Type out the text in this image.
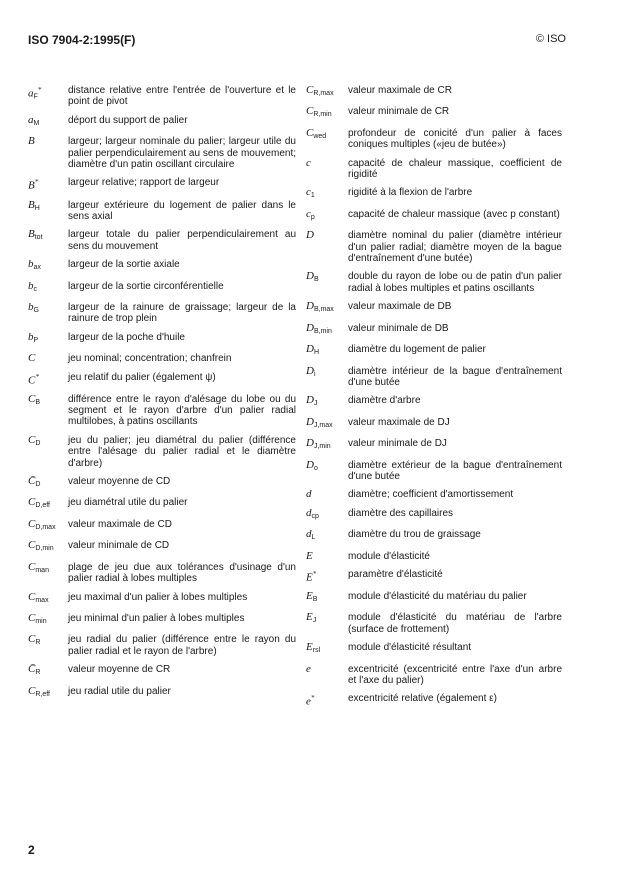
ISO 7904-2:1995(F)	© ISO
$a_F^*$	distance relative entre l'entrée de l'ouverture et le point de pivot
$a_M$	déport du support de palier
B	largeur; largeur nominale du palier; largeur utile du palier perpendiculairement au sens de mouvement; diamètre d'un patin oscillant circulaire
B*	largeur relative; rapport de largeur
$B_H$	largeur extérieure du logement de palier dans le sens axial
$B_{tot}$	largeur totale du palier perpendiculairement au sens du mouvement
$b_{ax}$	largeur de la sortie axiale
$b_c$	largeur de la sortie circonférentielle
$b_G$	largeur de la rainure de graissage; largeur de la rainure de trop plein
$b_P$	largeur de la poche d'huile
C	jeu nominal; concentration; chanfrein
C*	jeu relatif du palier (également ψ)
$C_B$	différence entre le rayon d'alésage du lobe ou du segment et le rayon d'arbre d'un palier radial multilobes, à patins oscillants
$C_D$	jeu du palier; jeu diamétral du palier (différence entre l'alésage du palier radial et le diamètre d'arbre)
$C̄_D$	valeur moyenne de CD
$C_{D,eff}$	jeu diamétral utile du palier
$C_{D,max}$	valeur maximale de CD
$C_{D,min}$	valeur minimale de CD
$C_{man}$	plage de jeu due aux tolérances d'usinage d'un palier radial à lobes multiples
$C_{max}$	jeu maximal d'un palier à lobes multiples
$C_{min}$	jeu minimal d'un palier à lobes multiples
$C_R$	jeu radial du palier (différence entre le rayon du palier radial et le rayon de l'arbre)
$C̄_R$	valeur moyenne de CR
$C_{R,eff}$	jeu radial utile du palier
$C_{R,max}$	valeur maximale de CR
$C_{R,min}$	valeur minimale de CR
$C_{wed}$	profondeur de conicité d'un palier à faces coniques multiples («jeu de butée»)
c	capacité de chaleur massique, coefficient de rigidité
$c_1$	rigidité à la flexion de l'arbre
$c_p$	capacité de chaleur massique (avec p constant)
D	diamètre nominal du palier (diamètre intérieur d'un palier radial; diamètre moyen de la bague d'entraînement d'une butée)
$D_B$	double du rayon de lobe ou de patin d'un palier radial à lobes multiples et patins oscillants
$D_{B,max}$	valeur maximale de DB
$D_{B,min}$	valeur minimale de DB
$D_H$	diamètre du logement de palier
$D_i$	diamètre intérieur de la bague d'entraînement d'une butée
$D_J$	diamètre d'arbre
$D_{J,max}$	valeur maximale de DJ
$D_{J,min}$	valeur minimale de DJ
$D_o$	diamètre extérieur de la bague d'entraînement d'une butée
d	diamètre; coefficient d'amortissement
$d_{cp}$	diamètre des capillaires
$d_L$	diamètre du trou de graissage
E	module d'élasticité
E*	paramètre d'élasticité
$E_B$	module d'élasticité du matériau du palier
$E_J$	module d'élasticité du matériau de l'arbre (surface de frottement)
$E_{rsl}$	module d'élasticité résultant
e	excentricité (excentricité entre l'axe d'un arbre et l'axe du palier)
e*	excentricité relative (également ε)
2
